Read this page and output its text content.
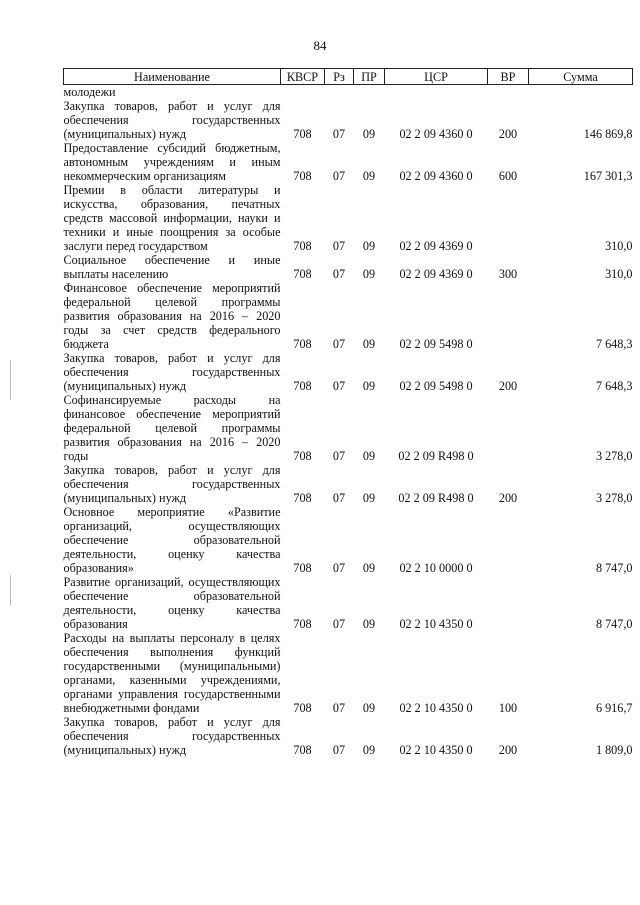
84
Наименование	КВСР	Рз	ПР	ЦСР	ВР	Сумма
молодежи						
Закупка товаров, работ и услуг для обеспечения государственных (муниципальных) нужд	708	07	09	02 2 09 4360 0	200	146 869,8
Предоставление субсидий бюджетным, автономным учреждениям и иным некоммерческим организациям	708	07	09	02 2 09 4360 0	600	167 301,3
Премии в области литературы и искусства, образования, печатных средств массовой информации, науки и техники и иные поощрения за особые заслуги перед государством	708	07	09	02 2 09 4369 0		310,0
Социальное обеспечение и иные выплаты населению	708	07	09	02 2 09 4369 0	300	310,0
Финансовое обеспечение мероприятий федеральной целевой программы развития образования на 2016 – 2020 годы за счет средств федерального бюджета	708	07	09	02 2 09 5498 0		7 648,3
Закупка товаров, работ и услуг для обеспечения государственных (муниципальных) нужд	708	07	09	02 2 09 5498 0	200	7 648,3
Софинансируемые расходы на финансовое обеспечение мероприятий федеральной целевой программы развития образования на 2016 – 2020 годы	708	07	09	02 2 09 R498 0		3 278,0
Закупка товаров, работ и услуг для обеспечения государственных (муниципальных) нужд	708	07	09	02 2 09 R498 0	200	3 278,0
Основное мероприятие «Развитие организаций, осуществляющих обеспечение образовательной деятельности, оценку качества образования»	708	07	09	02 2 10 0000 0		8 747,0
Развитие организаций, осуществляющих обеспечение образовательной деятельности, оценку качества образования	708	07	09	02 2 10 4350 0		8 747,0
Расходы на выплаты персоналу в целях обеспечения выполнения функций государственными (муниципальными) органами, казенными учреждениями, органами управления государственными внебюджетными фондами	708	07	09	02 2 10 4350 0	100	6 916,7
Закупка товаров, работ и услуг для обеспечения государственных (муниципальных) нужд	708	07	09	02 2 10 4350 0	200	1 809,0
